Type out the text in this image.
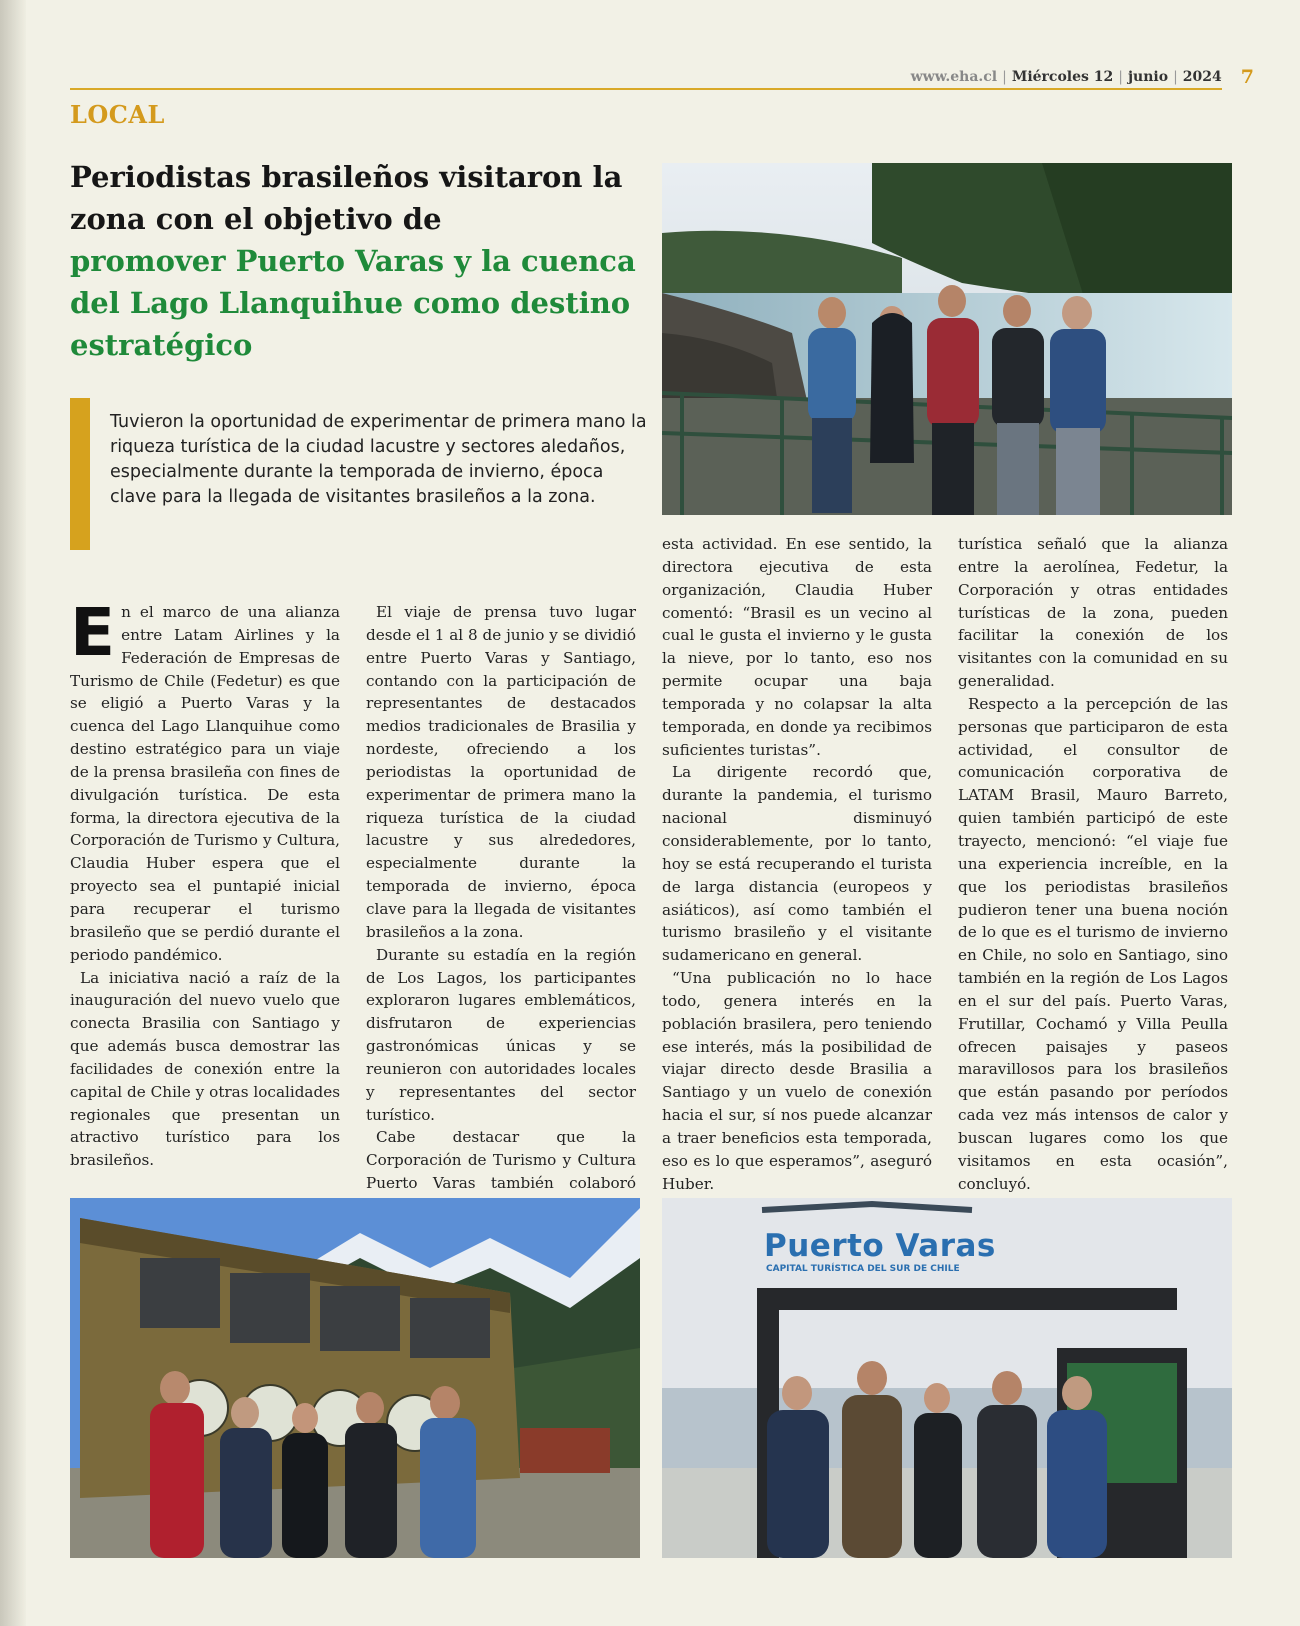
www.eha.cl | Miércoles 12 | junio | 2024 7
LOCAL
Periodistas brasileños visitaron la zona con el objetivo de
promover Puerto Varas y la cuenca del Lago Llanquihue como destino estratégico

Tuvieron la oportunidad de experimentar de primera mano la riqueza turística de la ciudad lacustre y sectores aledaños, especialmente durante la temporada de invierno, época clave para la llegada de visitantes brasileños a la zona.

En el marco de una alianza entre Latam Airlines y la Federación de Empresas de Turismo de Chile (Fedetur) es que se eligió a Puerto Varas y la cuenca del Lago Llanquihue como destino estratégico para un viaje de la prensa brasileña con fines de divulgación turística. De esta forma, la directora ejecutiva de la Corporación de Turismo y Cultura, Claudia Huber espera que el proyecto sea el puntapié inicial para recuperar el turismo brasileño que se perdió durante el periodo pandémico.

La iniciativa nació a raíz de la inauguración del nuevo vuelo que conecta Brasilia con Santiago y que además busca demostrar las facilidades de conexión entre la capital de Chile y otras localidades regionales que presentan un atractivo turístico para los brasileños.

El viaje de prensa tuvo lugar desde el 1 al 8 de junio y se dividió entre Puerto Varas y Santiago, contando con la participación de representantes de destacados medios tradicionales de Brasilia y nordeste, ofreciendo a los periodistas la oportunidad de experimentar de primera mano la riqueza turística de la ciudad lacustre y sus alrededores, especialmente durante la temporada de invierno, época clave para la llegada de visitantes brasileños a la zona.

Durante su estadía en la región de Los Lagos, los participantes exploraron lugares emblemáticos, disfrutaron de experiencias gastronómicas únicas y se reunieron con autoridades locales y representantes del sector turístico.

Cabe destacar que la Corporación de Turismo y Cultura Puerto Varas también colaboró

esta actividad. En ese sentido, la directora ejecutiva de esta organización, Claudia Huber comentó: “Brasil es un vecino al cual le gusta el invierno y le gusta la nieve, por lo tanto, eso nos permite ocupar una baja temporada y no colapsar la alta temporada, en donde ya recibimos suficientes turistas”.

La dirigente recordó que, durante la pandemia, el turismo nacional disminuyó considerablemente, por lo tanto, hoy se está recuperando el turista de larga distancia (europeos y asiáticos), así como también el turismo brasileño y el visitante sudamericano en general.

“Una publicación no lo hace todo, genera interés en la población brasilera, pero teniendo ese interés, más la posibilidad de viajar directo desde Brasilia a Santiago y un vuelo de conexión hacia el sur, sí nos puede alcanzar a traer beneficios esta temporada, eso es lo que esperamos”, aseguró Huber.

turística señaló que la alianza entre la aerolínea, Fedetur, la Corporación y otras entidades turísticas de la zona, pueden facilitar la conexión de los visitantes con la comunidad en su generalidad.

Respecto a la percepción de las personas que participaron de esta actividad, el consultor de comunicación corporativa de LATAM Brasil, Mauro Barreto, quien también participó de este trayecto, mencionó: “el viaje fue una experiencia increíble, en la que los periodistas brasileños pudieron tener una buena noción de lo que es el turismo de invierno en Chile, no solo en Santiago, sino también en la región de Los Lagos en el sur del país. Puerto Varas, Frutillar, Cochamó y Villa Peulla ofrecen paisajes y paseos maravillosos para los brasileños que están pasando por períodos cada vez más intensos de calor y buscan lugares como los que visitamos en esta ocasión”, concluyó.

Puerto Varas
CAPITAL TURÍSTICA DEL SUR DE CHILE
